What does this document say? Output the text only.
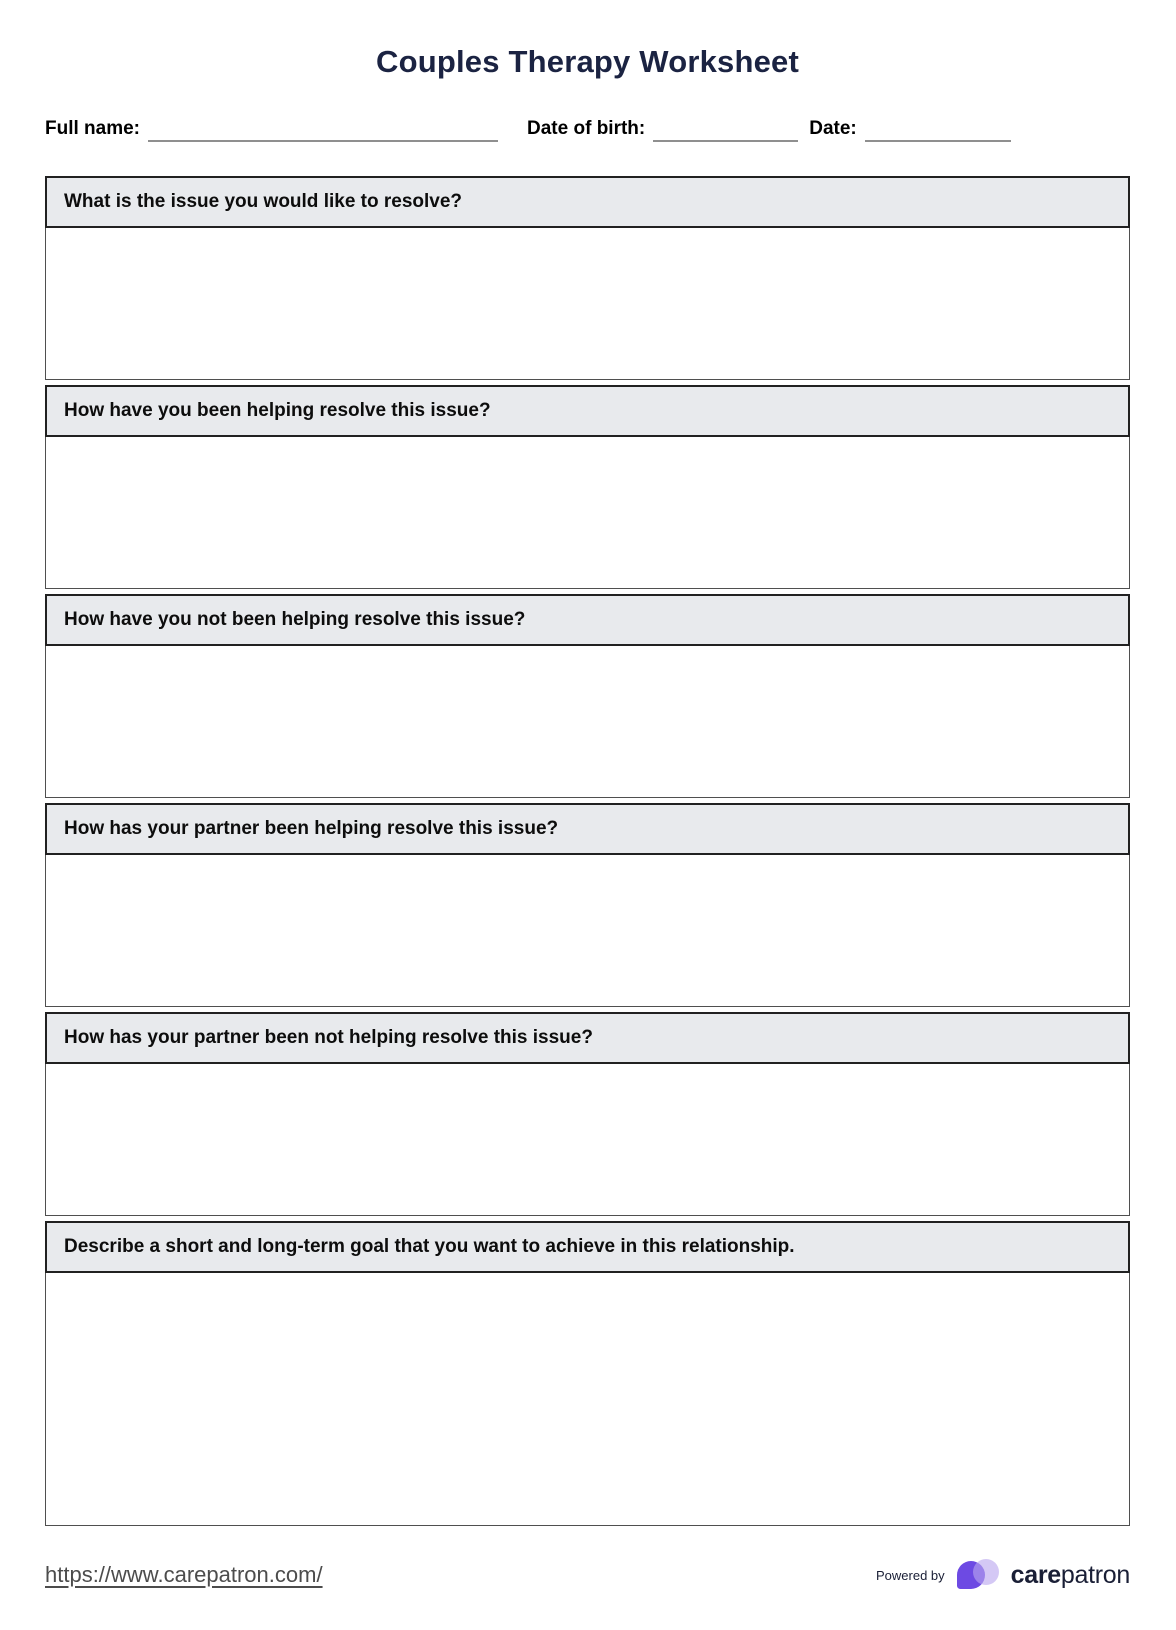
Couples Therapy Worksheet
Full name:	Date of birth:	Date:
What is the issue you would like to resolve?
How have you been helping resolve this issue?
How have you not been helping resolve this issue?
How has your partner been helping resolve this issue?
How has your partner been not helping resolve this issue?
Describe a short and long-term goal that you want to achieve in this relationship.
https://www.carepatron.com/	Powered by	carepatron
